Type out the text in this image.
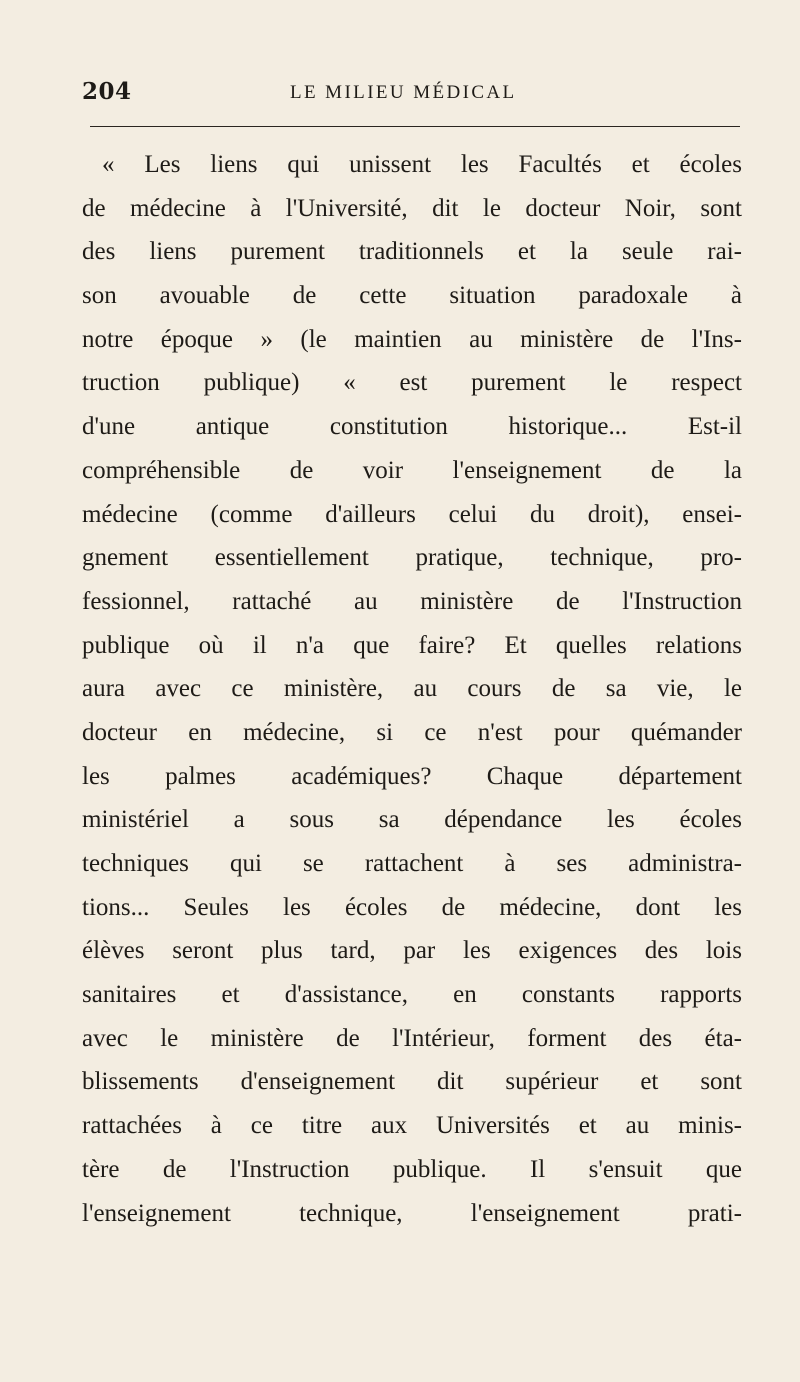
204	LE MILIEU MÉDICAL
« Les liens qui unissent les Facultés et écoles
de médecine à l'Université, dit le docteur Noir, sont
des liens purement traditionnels et la seule rai-
son avouable de cette situation paradoxale à
notre époque » (le maintien au ministère de l'Ins-
truction publique) « est purement le respect
d'une antique constitution historique... Est-il
compréhensible de voir l'enseignement de la
médecine (comme d'ailleurs celui du droit), ensei-
gnement essentiellement pratique, technique, pro-
fessionnel, rattaché au ministère de l'Instruction
publique où il n'a que faire? Et quelles relations
aura avec ce ministère, au cours de sa vie, le
docteur en médecine, si ce n'est pour quémander
les palmes académiques? Chaque département
ministériel a sous sa dépendance les écoles
techniques qui se rattachent à ses administra-
tions... Seules les écoles de médecine, dont les
élèves seront plus tard, par les exigences des lois
sanitaires et d'assistance, en constants rapports
avec le ministère de l'Intérieur, forment des éta-
blissements d'enseignement dit supérieur et sont
rattachées à ce titre aux Universités et au minis-
tère de l'Instruction publique. Il s'ensuit que
l'enseignement technique, l'enseignement prati-
